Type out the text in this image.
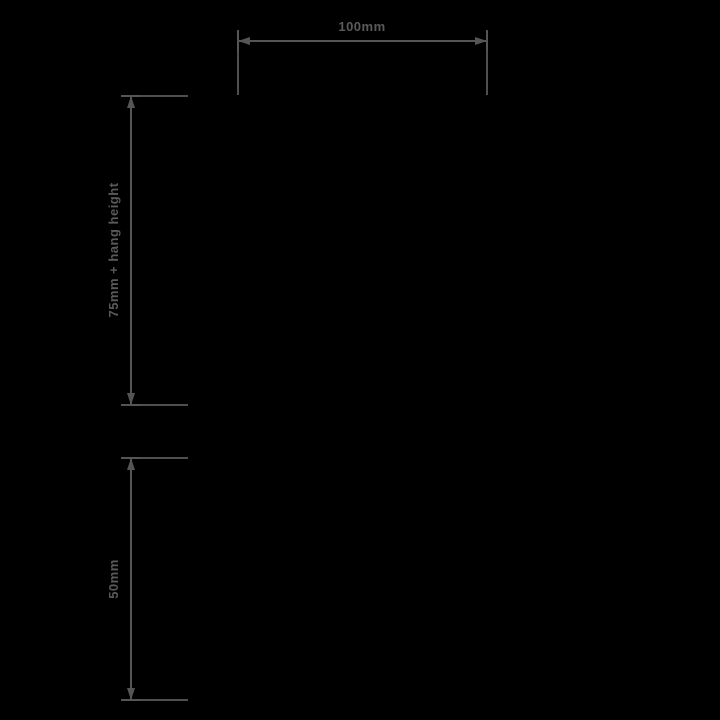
100mm
75mm + hang height
50mm
